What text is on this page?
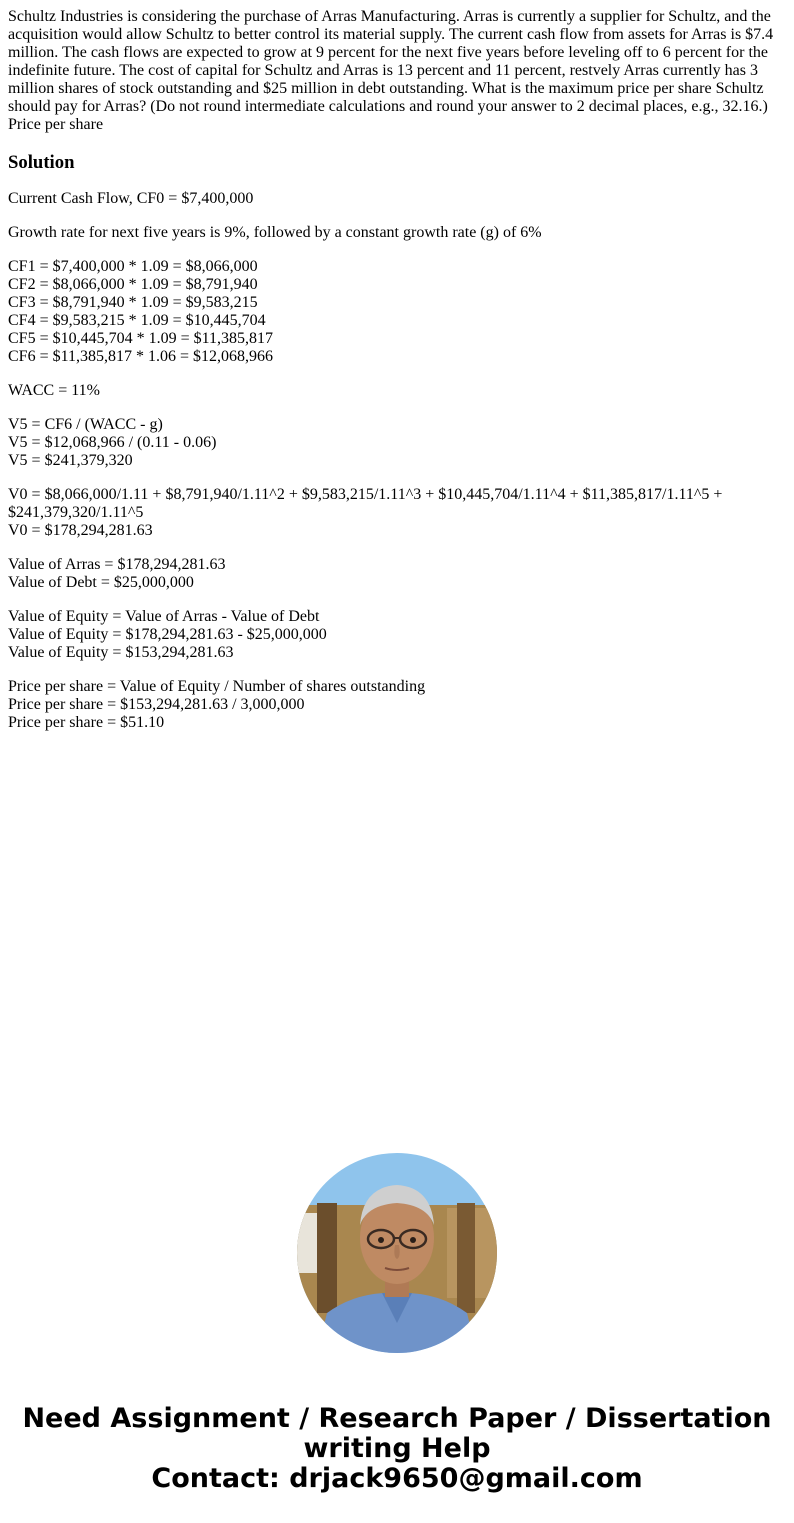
Schultz Industries is considering the purchase of Arras Manufacturing. Arras is currently a supplier for Schultz, and the acquisition would allow Schultz to better control its material supply. The current cash flow from assets for Arras is $7.4 million. The cash flows are expected to grow at 9 percent for the next five years before leveling off to 6 percent for the indefinite future. The cost of capital for Schultz and Arras is 13 percent and 11 percent, restvely Arras currently has 3 million shares of stock outstanding and $25 million in debt outstanding. What is the maximum price per share Schultz should pay for Arras? (Do not round intermediate calculations and round your answer to 2 decimal places, e.g., 32.16.)
Price per share

Solution
Current Cash Flow, CF0 = $7,400,000
Growth rate for next five years is 9%, followed by a constant growth rate (g) of 6%
CF1 = $7,400,000 * 1.09 = $8,066,000
CF2 = $8,066,000 * 1.09 = $8,791,940
CF3 = $8,791,940 * 1.09 = $9,583,215
CF4 = $9,583,215 * 1.09 = $10,445,704
CF5 = $10,445,704 * 1.09 = $11,385,817
CF6 = $11,385,817 * 1.06 = $12,068,966
WACC = 11%
V5 = CF6 / (WACC - g)
V5 = $12,068,966 / (0.11 - 0.06)
V5 = $241,379,320
V0 = $8,066,000/1.11 + $8,791,940/1.11^2 + $9,583,215/1.11^3 + $10,445,704/1.11^4 + $11,385,817/1.11^5 + $241,379,320/1.11^5
V0 = $178,294,281.63
Value of Arras = $178,294,281.63
Value of Debt = $25,000,000
Value of Equity = Value of Arras - Value of Debt
Value of Equity = $178,294,281.63 - $25,000,000
Value of Equity = $153,294,281.63
Price per share = Value of Equity / Number of shares outstanding
Price per share = $153,294,281.63 / 3,000,000
Price per share = $51.10
Need Assignment / Research Paper / Dissertation writing Help
Contact: drjack9650@gmail.com
